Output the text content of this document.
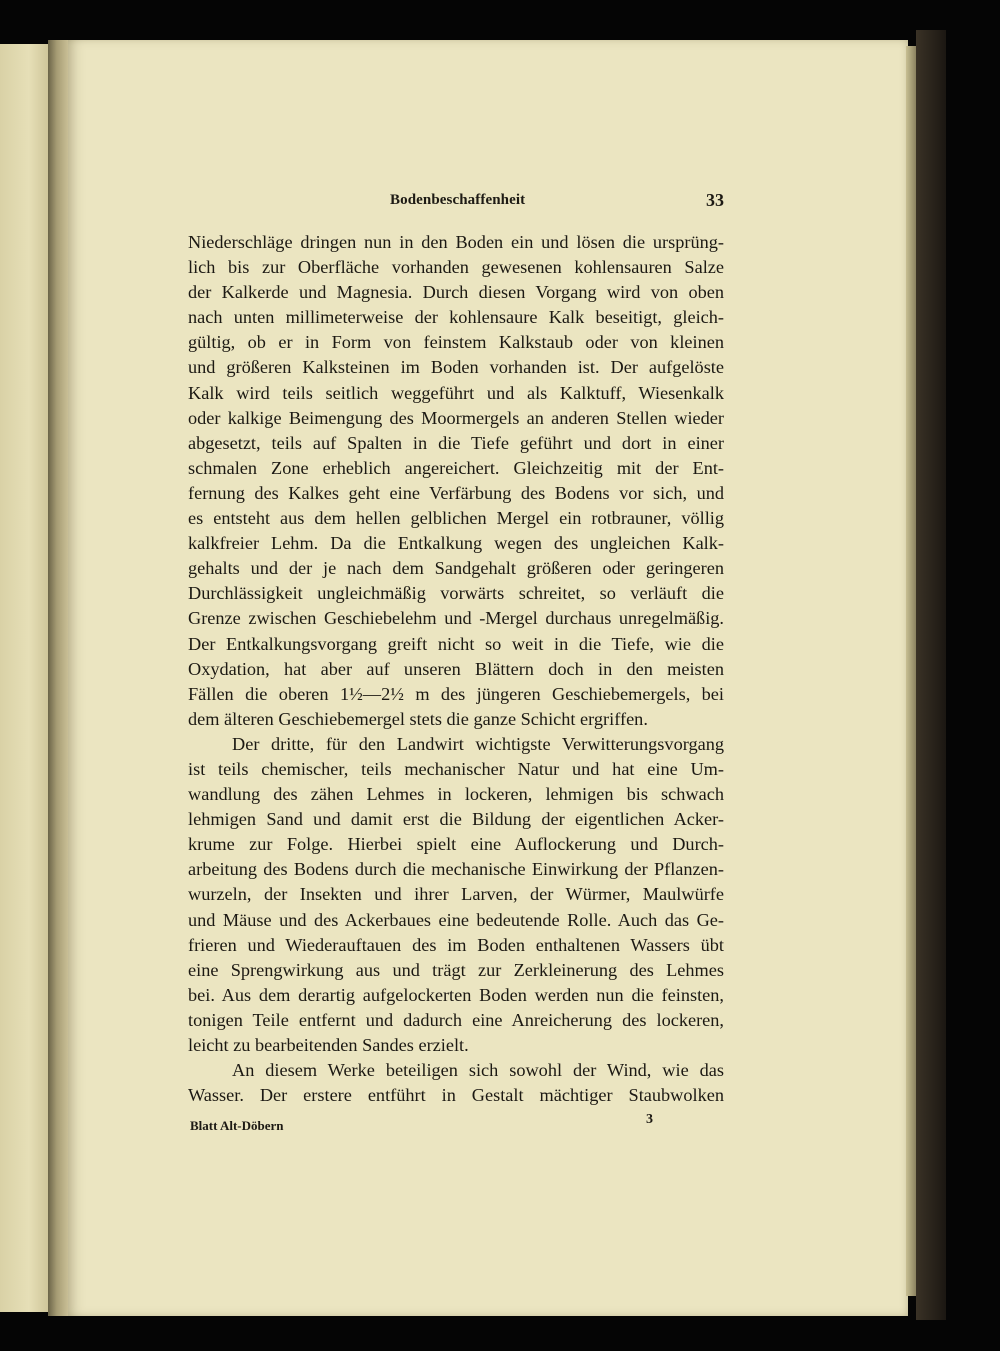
Bodenbeschaffenheit	33
Niederschläge dringen nun in den Boden ein und lösen die ursprüng-
lich bis zur Oberfläche vorhanden gewesenen kohlensauren Salze
der Kalkerde und Magnesia. Durch diesen Vorgang wird von oben
nach unten millimeterweise der kohlensaure Kalk beseitigt, gleich-
gültig, ob er in Form von feinstem Kalkstaub oder von kleinen
und größeren Kalksteinen im Boden vorhanden ist. Der aufgelöste
Kalk wird teils seitlich weggeführt und als Kalktuff, Wiesenkalk
oder kalkige Beimengung des Moormergels an anderen Stellen wieder
abgesetzt, teils auf Spalten in die Tiefe geführt und dort in einer
schmalen Zone erheblich angereichert. Gleichzeitig mit der Ent-
fernung des Kalkes geht eine Verfärbung des Bodens vor sich, und
es entsteht aus dem hellen gelblichen Mergel ein rotbrauner, völlig
kalkfreier Lehm. Da die Entkalkung wegen des ungleichen Kalk-
gehalts und der je nach dem Sandgehalt größeren oder geringeren
Durchlässigkeit ungleichmäßig vorwärts schreitet, so verläuft die
Grenze zwischen Geschiebelehm und -Mergel durchaus unregelmäßig.
Der Entkalkungsvorgang greift nicht so weit in die Tiefe, wie die
Oxydation, hat aber auf unseren Blättern doch in den meisten
Fällen die oberen 1½—2½ m des jüngeren Geschiebemergels, bei
dem älteren Geschiebemergel stets die ganze Schicht ergriffen.
Der dritte, für den Landwirt wichtigste Verwitterungsvorgang
ist teils chemischer, teils mechanischer Natur und hat eine Um-
wandlung des zähen Lehmes in lockeren, lehmigen bis schwach
lehmigen Sand und damit erst die Bildung der eigentlichen Acker-
krume zur Folge. Hierbei spielt eine Auflockerung und Durch-
arbeitung des Bodens durch die mechanische Einwirkung der Pflanzen-
wurzeln, der Insekten und ihrer Larven, der Würmer, Maulwürfe
und Mäuse und des Ackerbaues eine bedeutende Rolle. Auch das Ge-
frieren und Wiederauftauen des im Boden enthaltenen Wassers übt
eine Sprengwirkung aus und trägt zur Zerkleinerung des Lehmes
bei. Aus dem derartig aufgelockerten Boden werden nun die feinsten,
tonigen Teile entfernt und dadurch eine Anreicherung des lockeren,
leicht zu bearbeitenden Sandes erzielt.
An diesem Werke beteiligen sich sowohl der Wind, wie das
Wasser. Der erstere entführt in Gestalt mächtiger Staubwolken
Blatt Alt-Döbern	3
